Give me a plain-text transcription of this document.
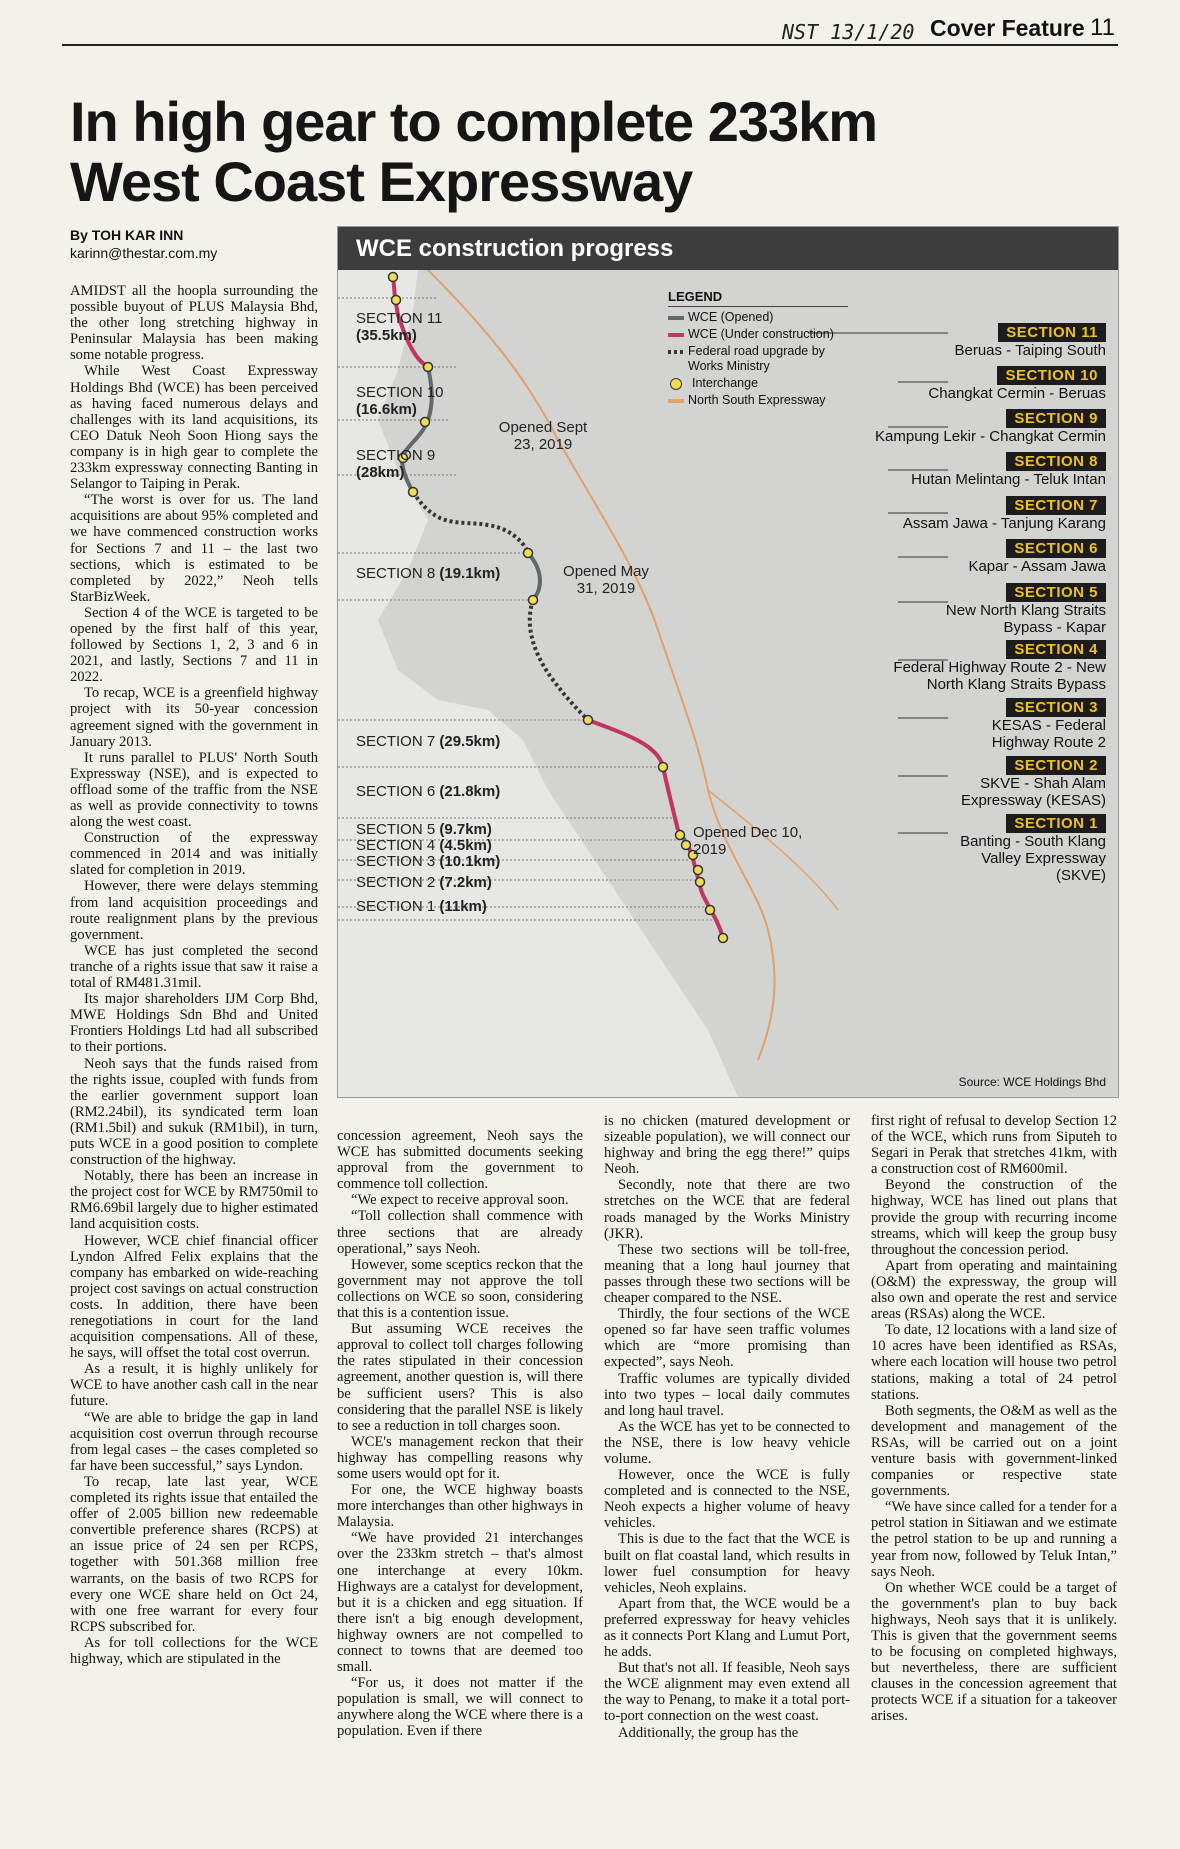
NST 13/1/20 Cover Feature 11
In high gear to complete 233km West Coast Expressway
By TOH KAR INN
karinn@thestar.com.my	WCE construction progress
LEGEND
WCE (Opened)
WCE (Under construction)
Federal road upgrade by Works Ministry
Interchange
North South Expressway
SECTION 11
(35.5km)
SECTION 10
(16.6km)
SECTION 9
(28km)
SECTION 8 (19.1km)
SECTION 7 (29.5km)
SECTION 6 (21.8km)
SECTION 5 (9.7km)
SECTION 4 (4.5km)
SECTION 3 (10.1km)
SECTION 2 (7.2km)
SECTION 1 (11km)
Opened Sept 23, 2019
Opened May 31, 2019
Opened Dec 10, 2019
SECTION 11
Beruas - Taiping South
SECTION 10
Changkat Cermin - Beruas
SECTION 9
Kampung Lekir - Changkat Cermin
SECTION 8
Hutan Melintang - Teluk Intan
SECTION 7
Assam Jawa - Tanjung Karang
SECTION 6
Kapar - Assam Jawa
SECTION 5
New North Klang Straits Bypass - Kapar
SECTION 4
Federal Highway Route 2 - New North Klang Straits Bypass
SECTION 3
KESAS - Federal Highway Route 2
SECTION 2
SKVE - Shah Alam Expressway (KESAS)
SECTION 1
Banting - South Klang Valley Expressway (SKVE)
Source: WCE Holdings Bhd

AMIDST all the hoopla surrounding the possible buyout of PLUS Malaysia Bhd, the other long stretching highway in Peninsular Malaysia has been making some notable progress.

While West Coast Expressway Holdings Bhd (WCE) has been perceived as having faced numerous delays and challenges with its land acquisitions, its CEO Datuk Neoh Soon Hiong says the company is in high gear to complete the 233km expressway connecting Banting in Selangor to Taiping in Perak.

“The worst is over for us. The land acquisitions are about 95% completed and we have commenced construction works for Sections 7 and 11 – the last two sections, which is estimated to be completed by 2022,” Neoh tells StarBizWeek.

Section 4 of the WCE is targeted to be opened by the first half of this year, followed by Sections 1, 2, 3 and 6 in 2021, and lastly, Sections 7 and 11 in 2022.

To recap, WCE is a greenfield highway project with its 50-year concession agreement signed with the government in January 2013.

It runs parallel to PLUS' North South Expressway (NSE), and is expected to offload some of the traffic from the NSE as well as provide connectivity to towns along the west coast.

Construction of the expressway commenced in 2014 and was initially slated for completion in 2019.

However, there were delays stemming from land acquisition proceedings and route realignment plans by the previous government.

WCE has just completed the second tranche of a rights issue that saw it raise a total of RM481.31mil.

Its major shareholders IJM Corp Bhd, MWE Holdings Sdn Bhd and United Frontiers Holdings Ltd had all subscribed to their portions.

Neoh says that the funds raised from the rights issue, coupled with funds from the earlier government support loan (RM2.24bil), its syndicated term loan (RM1.5bil) and sukuk (RM1bil), in turn, puts WCE in a good position to complete construction of the highway.

Notably, there has been an increase in the project cost for WCE by RM750mil to RM6.69bil largely due to higher estimated land acquisition costs.

However, WCE chief financial officer Lyndon Alfred Felix explains that the company has embarked on wide-reaching project cost savings on actual construction costs. In addition, there have been renegotiations in court for the land acquisition compensations. All of these, he says, will offset the total cost overrun.

As a result, it is highly unlikely for WCE to have another cash call in the near future.

“We are able to bridge the gap in land acquisition cost overrun through recourse from legal cases – the cases completed so far have been successful,” says Lyndon.

To recap, late last year, WCE completed its rights issue that entailed the offer of 2.005 billion new redeemable convertible preference shares (RCPS) at an issue price of 24 sen per RCPS, together with 501.368 million free warrants, on the basis of two RCPS for every one WCE share held on Oct 24, with one free warrant for every four RCPS subscribed for.

As for toll collections for the WCE highway, which are stipulated in the

concession agreement, Neoh says the WCE has submitted documents seeking approval from the government to commence toll collection.

“We expect to receive approval soon.

“Toll collection shall commence with three sections that are already operational,” says Neoh.

However, some sceptics reckon that the government may not approve the toll collections on WCE so soon, considering that this is a contention issue.

But assuming WCE receives the approval to collect toll charges following the rates stipulated in their concession agreement, another question is, will there be sufficient users? This is also considering that the parallel NSE is likely to see a reduction in toll charges soon.

WCE's management reckon that their highway has compelling reasons why some users would opt for it.

For one, the WCE highway boasts more interchanges than other highways in Malaysia.

“We have provided 21 interchanges over the 233km stretch – that's almost one interchange at every 10km. Highways are a catalyst for development, but it is a chicken and egg situation. If there isn't a big enough development, highway owners are not compelled to connect to towns that are deemed too small.

“For us, it does not matter if the population is small, we will connect to anywhere along the WCE where there is a population. Even if there

is no chicken (matured development or sizeable population), we will connect our highway and bring the egg there!” quips Neoh.

Secondly, note that there are two stretches on the WCE that are federal roads managed by the Works Ministry (JKR).

These two sections will be toll-free, meaning that a long haul journey that passes through these two sections will be cheaper compared to the NSE.

Thirdly, the four sections of the WCE opened so far have seen traffic volumes which are “more promising than expected”, says Neoh.

Traffic volumes are typically divided into two types – local daily commutes and long haul travel.

As the WCE has yet to be connected to the NSE, there is low heavy vehicle volume.

However, once the WCE is fully completed and is connected to the NSE, Neoh expects a higher volume of heavy vehicles.

This is due to the fact that the WCE is built on flat coastal land, which results in lower fuel consumption for heavy vehicles, Neoh explains.

Apart from that, the WCE would be a preferred expressway for heavy vehicles as it connects Port Klang and Lumut Port, he adds.

But that's not all. If feasible, Neoh says the WCE alignment may even extend all the way to Penang, to make it a total port-to-port connection on the west coast.

Additionally, the group has the

first right of refusal to develop Section 12 of the WCE, which runs from Siputeh to Segari in Perak that stretches 41km, with a construction cost of RM600mil.

Beyond the construction of the highway, WCE has lined out plans that provide the group with recurring income streams, which will keep the group busy throughout the concession period.

Apart from operating and maintaining (O&M) the expressway, the group will also own and operate the rest and service areas (RSAs) along the WCE.

To date, 12 locations with a land size of 10 acres have been identified as RSAs, where each location will house two petrol stations, making a total of 24 petrol stations.

Both segments, the O&M as well as the development and management of the RSAs, will be carried out on a joint venture basis with government-linked companies or respective state governments.

“We have since called for a tender for a petrol station in Sitiawan and we estimate the petrol station to be up and running a year from now, followed by Teluk Intan,” says Neoh.

On whether WCE could be a target of the government's plan to buy back highways, Neoh says that it is unlikely. This is given that the government seems to be focusing on completed highways, but nevertheless, there are sufficient clauses in the concession agreement that protects WCE if a situation for a takeover arises.
